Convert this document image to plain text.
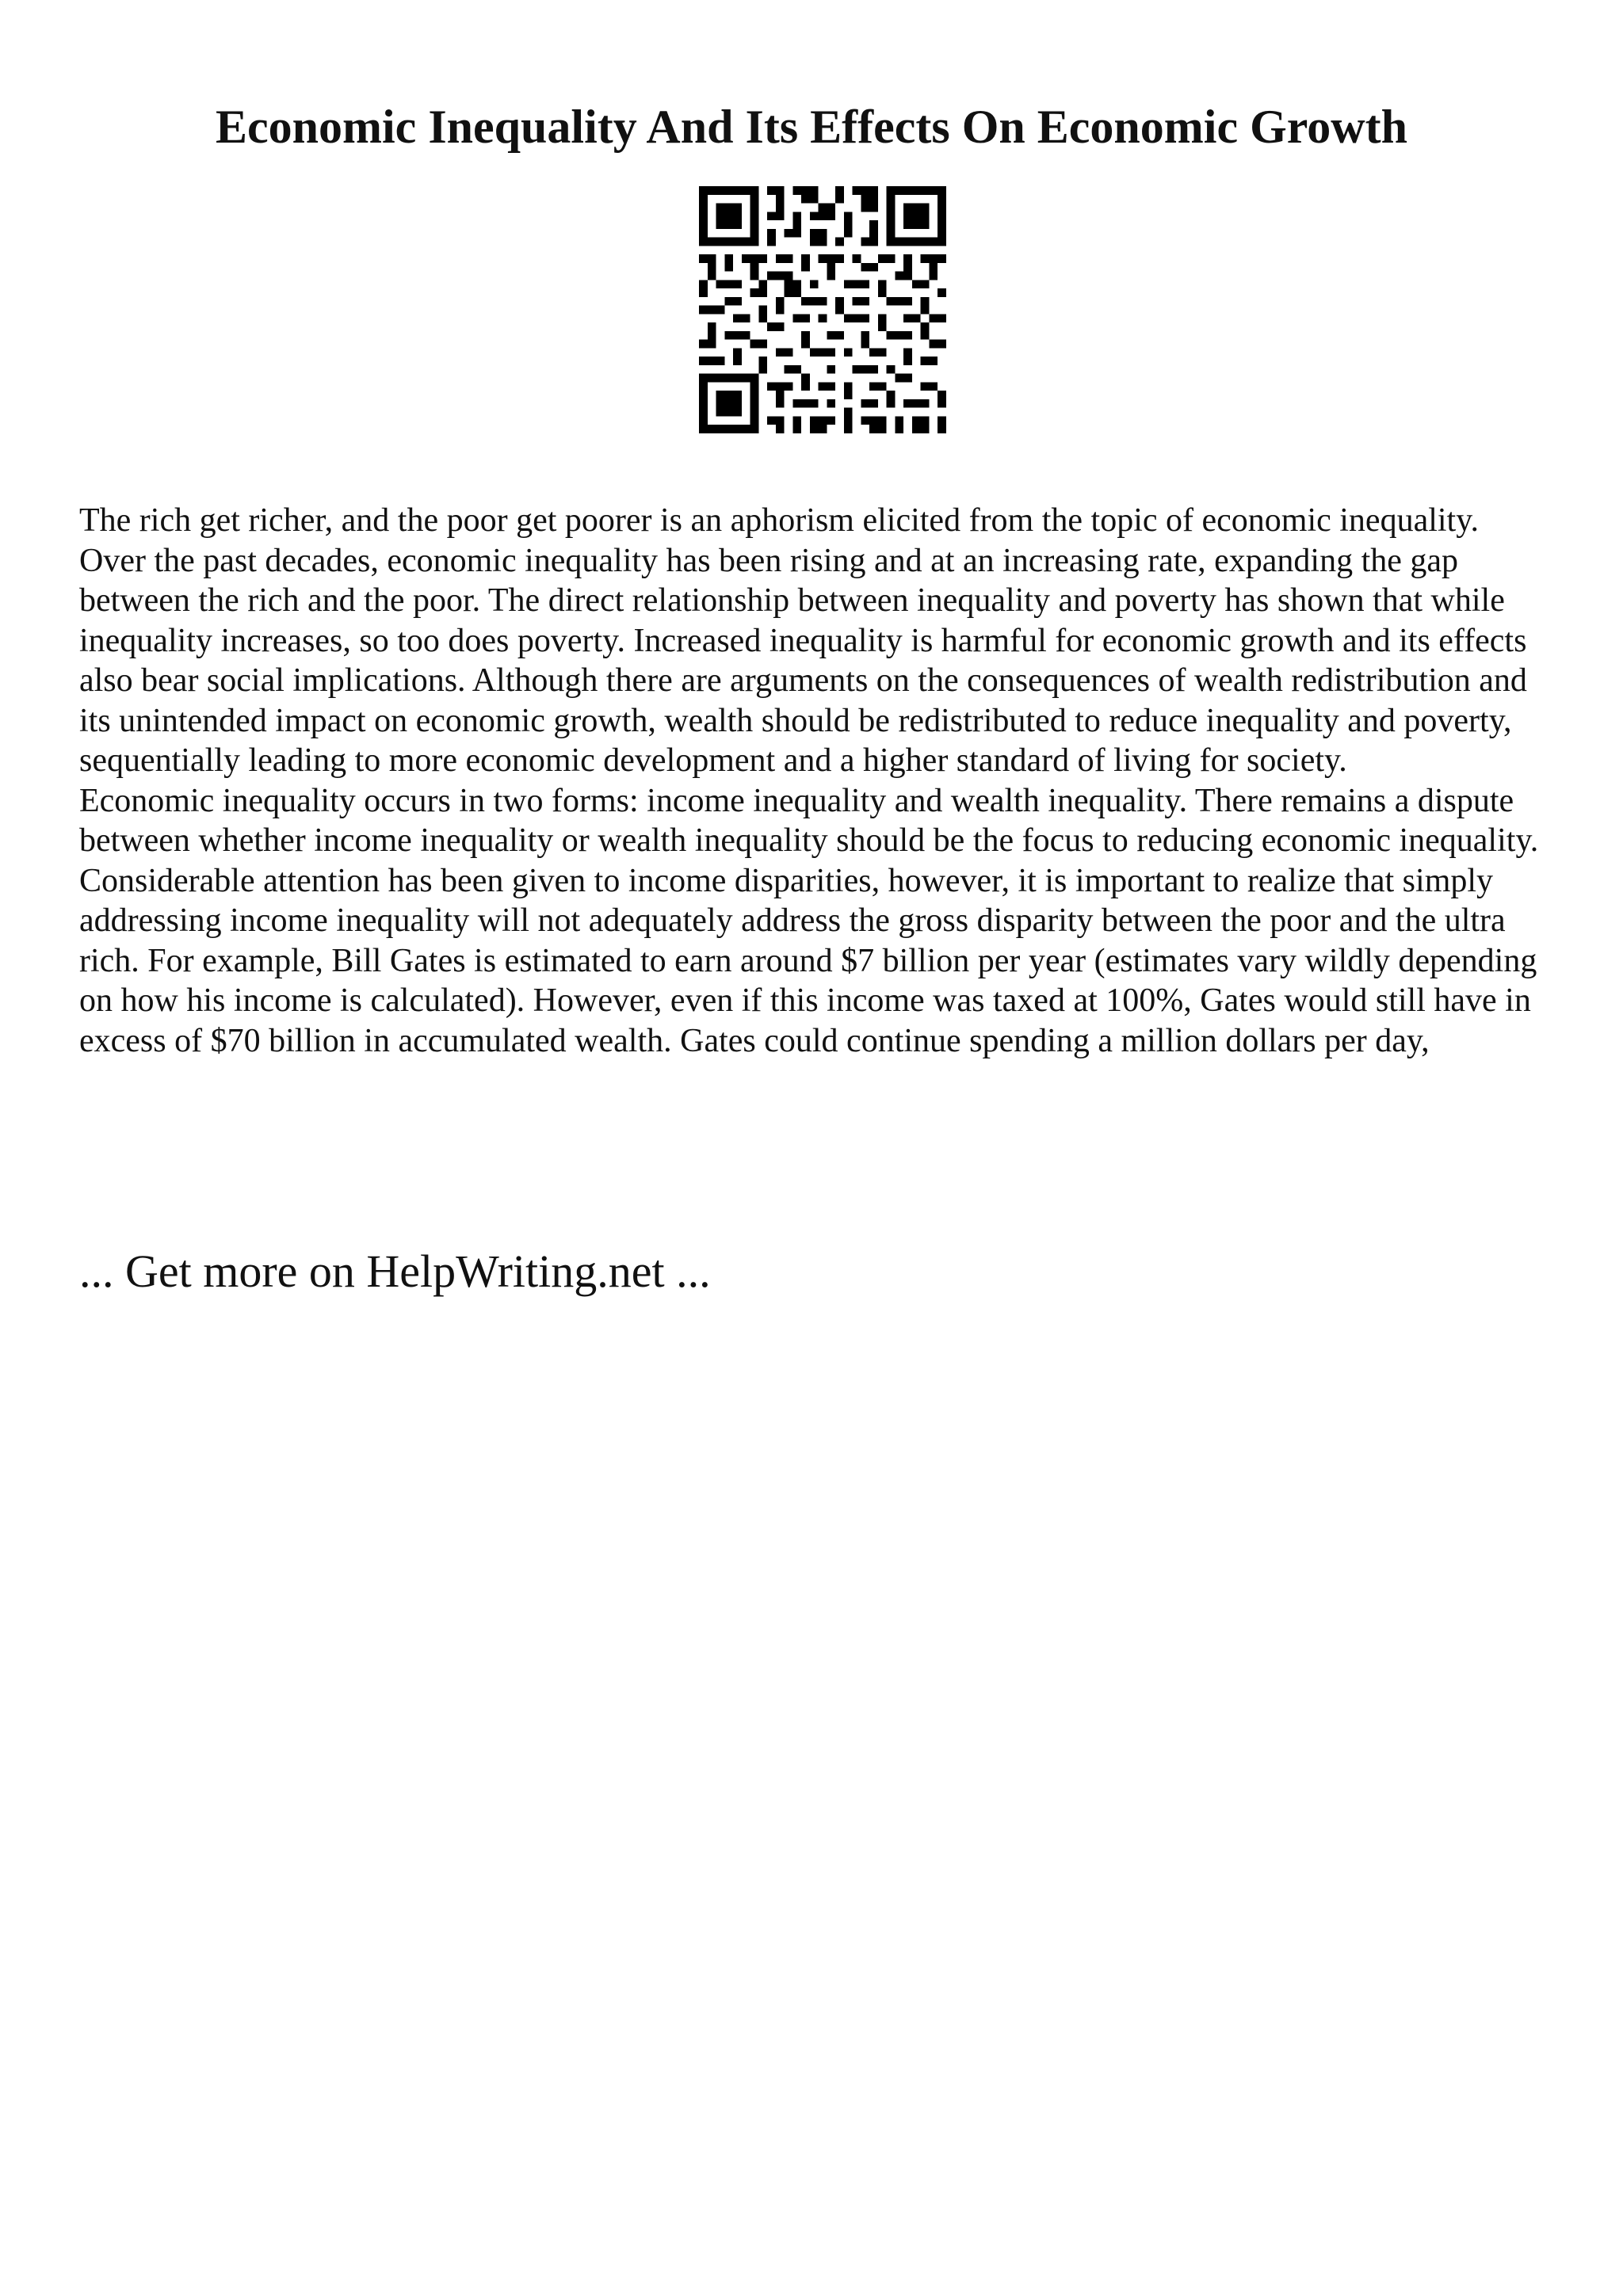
Economic Inequality And Its Effects On Economic Growth

The rich get richer, and the poor get poorer is an aphorism elicited from the topic of economic inequality. Over the past decades, economic inequality has been rising and at an increasing rate, expanding the gap between the rich and the poor. The direct relationship between inequality and poverty has shown that while inequality increases, so too does poverty. Increased inequality is harmful for economic growth and its effects also bear social implications. Although there are arguments on the consequences of wealth redistribution and its unintended impact on economic growth, wealth should be redistributed to reduce inequality and poverty, sequentially leading to more economic development and a higher standard of living for society.

Economic inequality occurs in two forms: income inequality and wealth inequality. There remains a dispute between whether income inequality or wealth inequality should be the focus to reducing economic inequality. Considerable attention has been given to income disparities, however, it is important to realize that simply addressing income inequality will not adequately address the gross disparity between the poor and the ultra rich. For example, Bill Gates is estimated to earn around $7 billion per year (estimates vary wildly depending on how his income is calculated). However, even if this income was taxed at 100%, Gates would still have in excess of $70 billion in accumulated wealth. Gates could continue spending a million dollars per day,

... Get more on HelpWriting.net ...
